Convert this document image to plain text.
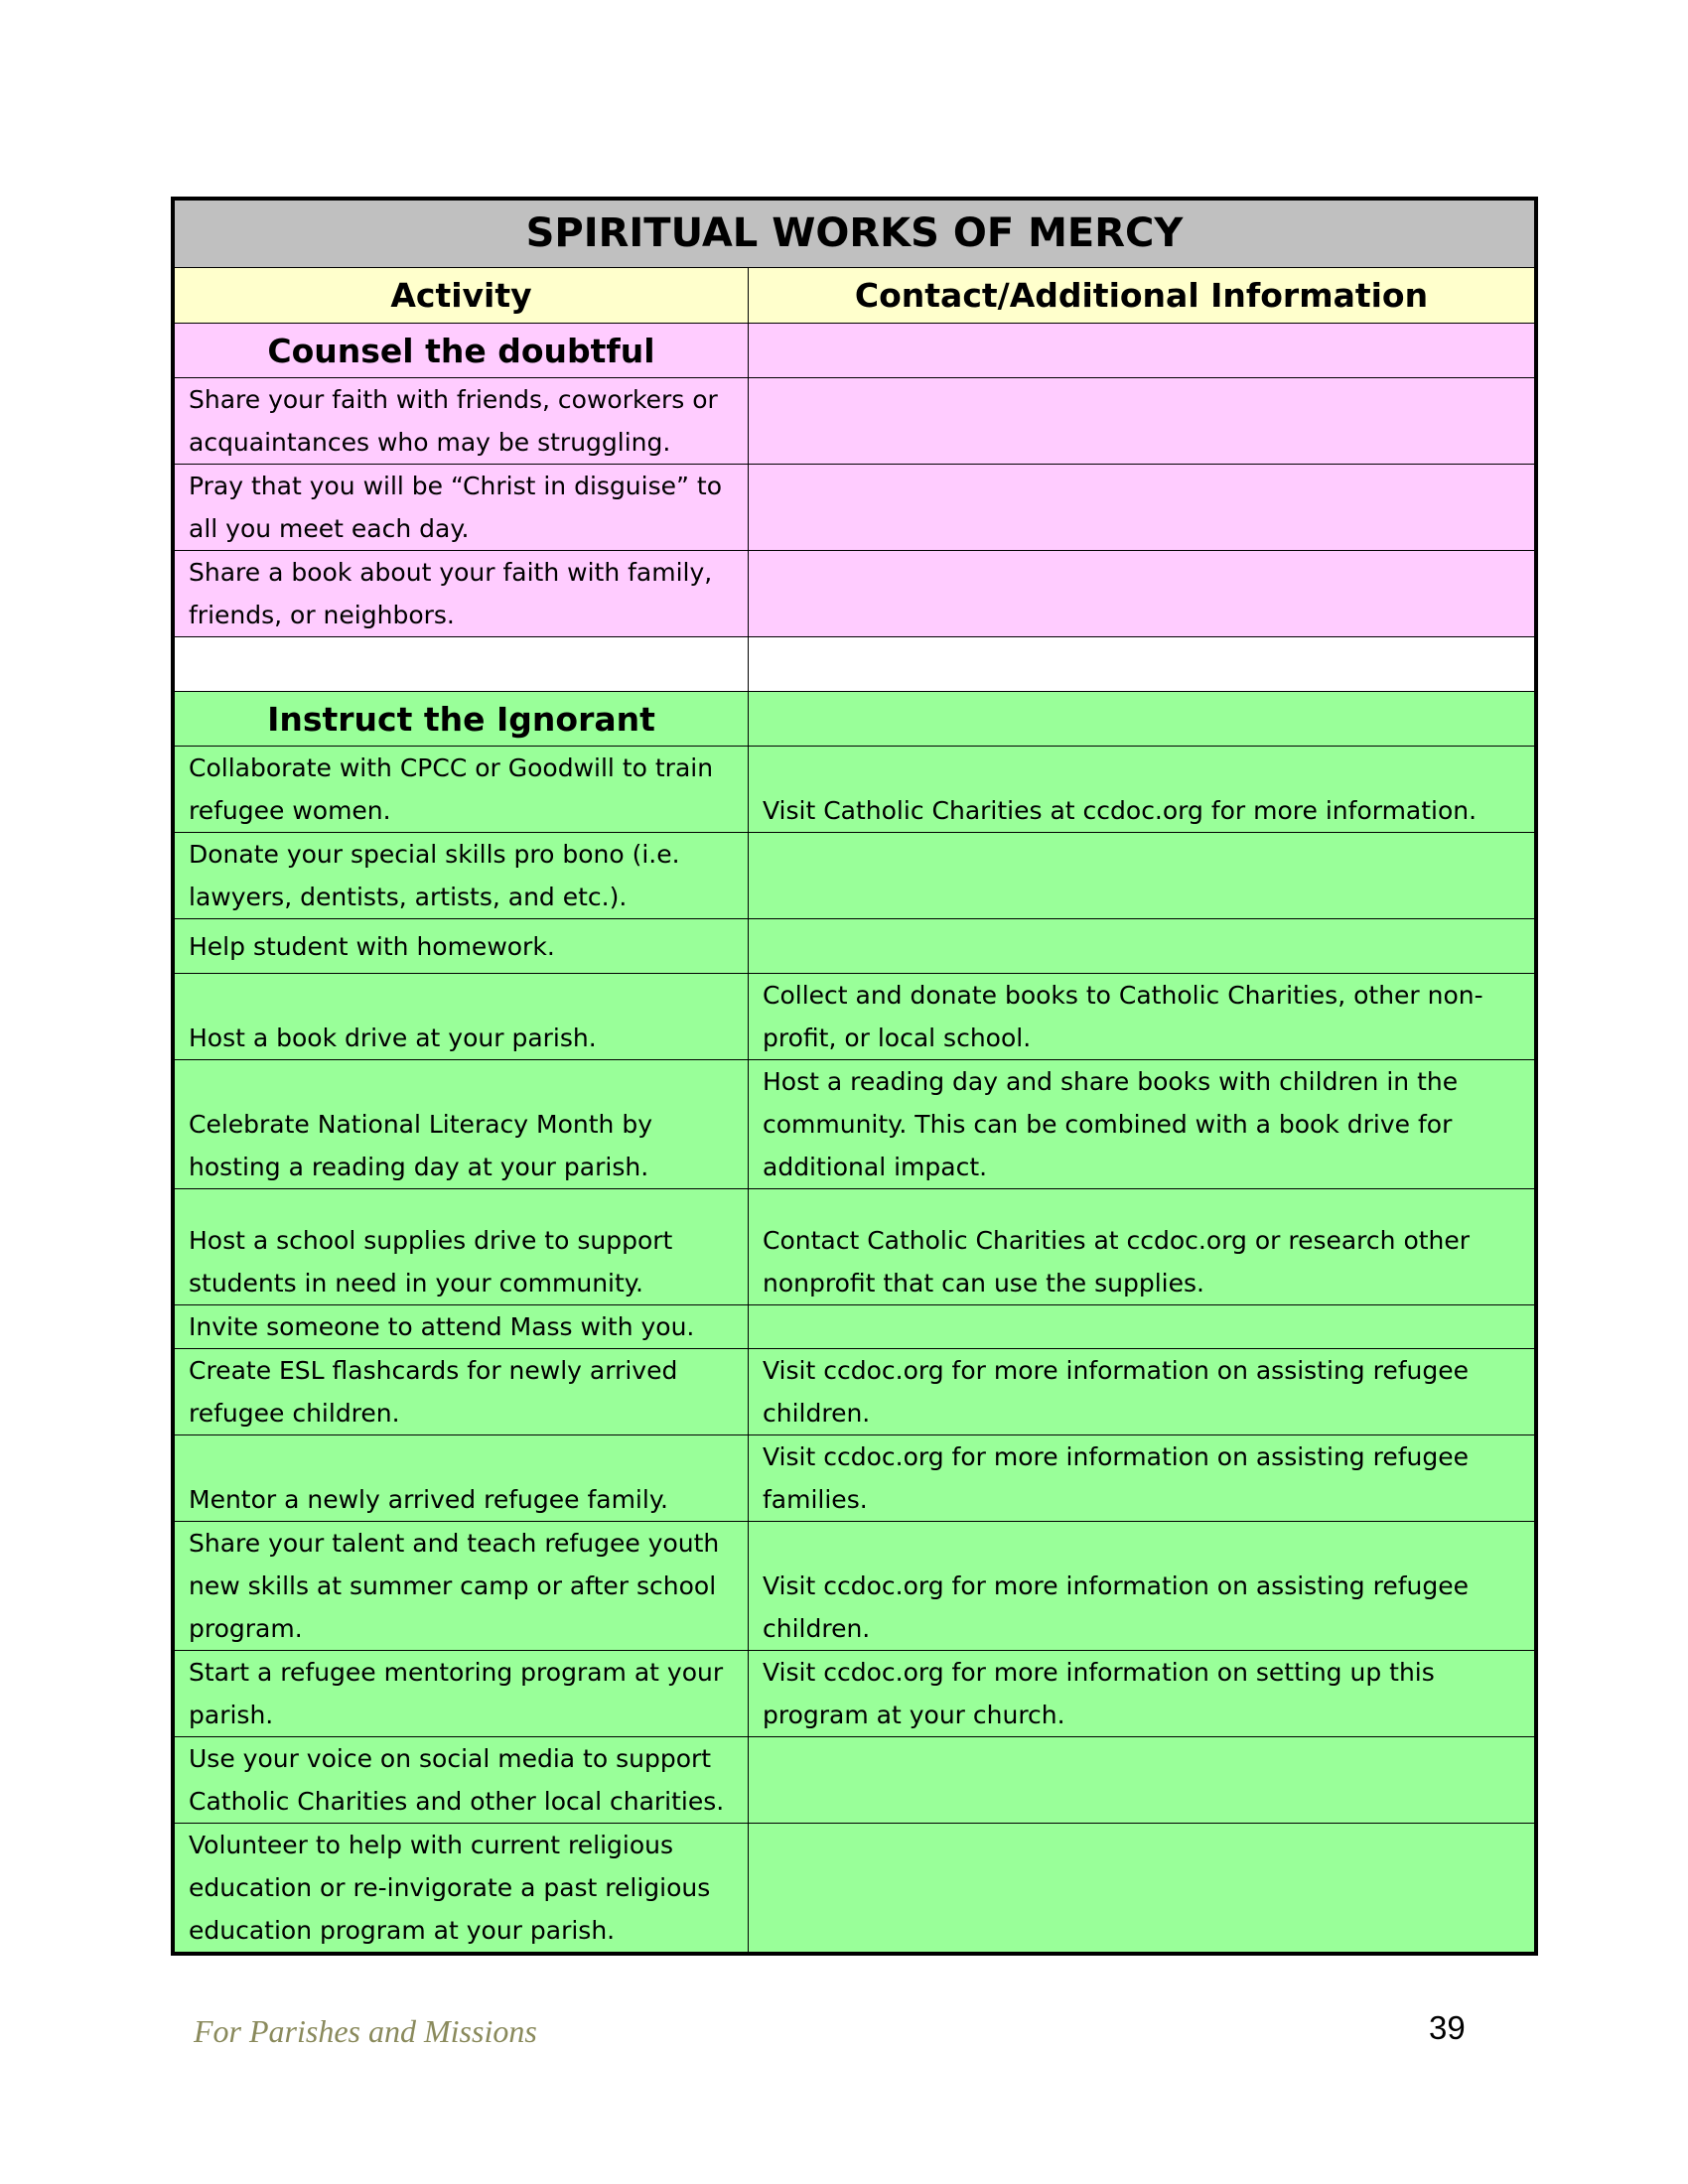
SPIRITUAL WORKS OF MERCY	
Activity	Contact/Additional Information
Counsel the doubtful	
Share your faith with friends, coworkers or acquaintances who may be struggling.	
Pray that you will be “Christ in disguise” to all you meet each day.	
Share a book about your faith with family, friends, or neighbors.	

Instruct the Ignorant	
Collaborate with CPCC or Goodwill to train refugee women.	Visit Catholic Charities at ccdoc.org for more information.
Donate your special skills pro bono (i.e. lawyers, dentists, artists, and etc.).	
Help student with homework.	
Host a book drive at your parish.	Collect and donate books to Catholic Charities, other non-profit, or local school.
Celebrate National Literacy Month by hosting a reading day at your parish.	Host a reading day and share books with children in the community. This can be combined with a book drive for additional impact.
Host a school supplies drive to support students in need in your community.	Contact Catholic Charities at ccdoc.org or research other nonprofit that can use the supplies.
Invite someone to attend Mass with you.	
Create ESL flashcards for newly arrived refugee children.	Visit ccdoc.org for more information on assisting refugee children.
Mentor a newly arrived refugee family.	Visit ccdoc.org for more information on assisting refugee families.
Share your talent and teach refugee youth new skills at summer camp or after school program.	Visit ccdoc.org for more information on assisting refugee children.
Start a refugee mentoring program at your parish.	Visit ccdoc.org for more information on setting up this program at your church.
Use your voice on social media to support Catholic Charities and other local charities.	
Volunteer to help with current religious education or re-invigorate a past religious education program at your parish.	
For Parishes and Missions	39
